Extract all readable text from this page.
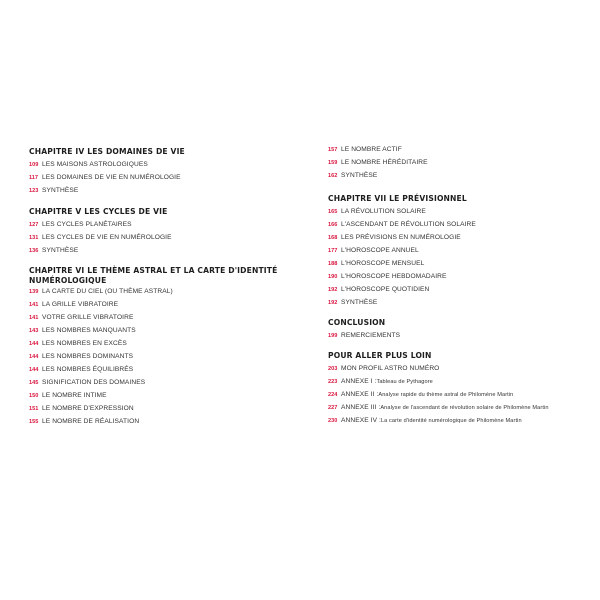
CHAPITRE IV LES DOMAINES DE VIE
109 LES MAISONS ASTROLOGIQUES
117 LES DOMAINES DE VIE EN NUMÉROLOGIE
123 SYNTHÈSE
CHAPITRE V LES CYCLES DE VIE
127 LES CYCLES PLANÉTAIRES
131 LES CYCLES DE VIE EN NUMÉROLOGIE
136 SYNTHÈSE
CHAPITRE VI LE THÈME ASTRAL ET LA CARTE D'IDENTITÉ
NUMÉROLOGIQUE
139 LA CARTE DU CIEL (OU THÈME ASTRAL)
141 LA GRILLE VIBRATOIRE
141 VOTRE GRILLE VIBRATOIRE
143 LES NOMBRES MANQUANTS
144 LES NOMBRES EN EXCÈS
144 LES NOMBRES DOMINANTS
144 LES NOMBRES ÉQUILIBRÉS
145 SIGNIFICATION DES DOMAINES
150 LE NOMBRE INTIME
151 LE NOMBRE D'EXPRESSION
155 LE NOMBRE DE RÉALISATION
157 LE NOMBRE ACTIF
159 LE NOMBRE HÉRÉDITAIRE
162 SYNTHÈSE
CHAPITRE VII LE PRÉVISIONNEL
165 LA RÉVOLUTION SOLAIRE
166 L'ASCENDANT DE RÉVOLUTION SOLAIRE
168 LES PRÉVISIONS EN NUMÉROLOGIE
177 L'HOROSCOPE ANNUEL
188 L'HOROSCOPE MENSUEL
190 L'HOROSCOPE HEBDOMADAIRE
192 L'HOROSCOPE QUOTIDIEN
192 SYNTHÈSE
CONCLUSION
199 REMERCIEMENTS
POUR ALLER PLUS LOIN
203 MON PROFIL ASTRO NUMÉRO
223 ANNEXE I : Tableau de Pythagore
224 ANNEXE II : Analyse rapide du thème astral de Philomène Martin
227 ANNEXE III : Analyse de l'ascendant de révolution solaire de Philomène Martin
230 ANNEXE IV : La carte d'identité numérologique de Philomène Martin
